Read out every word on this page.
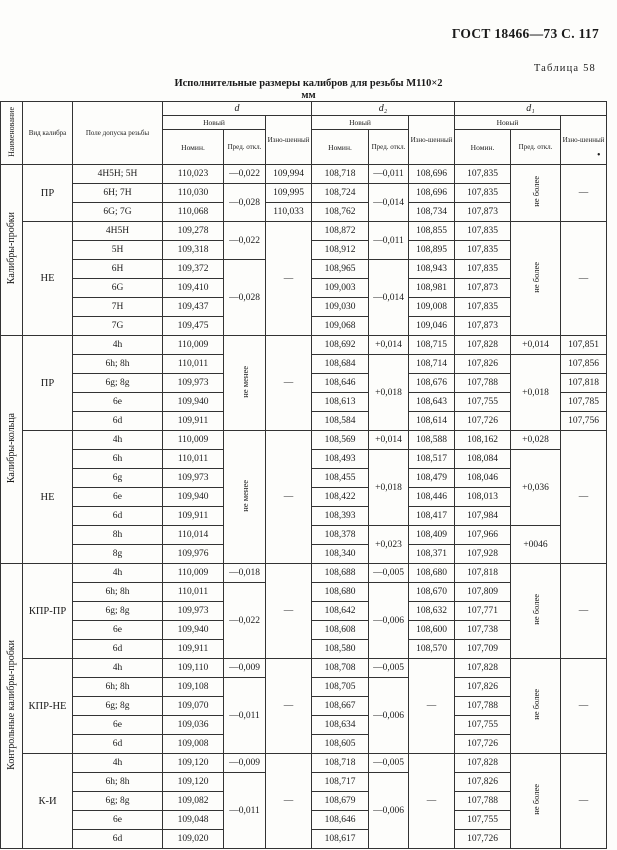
ГОСТ 18466—73 С. 117
Таблица 58
Исполнительные размеры калибров для резьбы М110×2
мм
•
Наименование	Вид калибра	Поле допуска резьбы	d			d₂			d₁		
			Новый		Изно-шенный	Новый		Изно-шенный	Новый		Изно-шенный
			Номин.	Пред. откл.		Номин.	Пред. откл.		Номин.	Пред. откл.	
Калибры-пробки	ПР	4H5H; 5H	110,023	—0,022	109,994	108,718	—0,011	108,696	107,835	не более	—
		6H; 7H	110,030	—0,028	109,995	108,724	—0,014	108,696	107,835		
		6G; 7G	110,068		110,033	108,762		108,734	107,873		
	НЕ	4H5H	109,278	—0,022	—	108,872	—0,011	108,855	107,835	не более	—
		5H	109,318			108,912		108,895	107,835		
		6H	109,372	—0,028		108,965	—0,014	108,943	107,835		
		6G	109,410			109,003		108,981	107,873		
		7H	109,437			109,030		109,008	107,835		
		7G	109,475			109,068		109,046	107,873		
Калибры-кольца	ПР	4h	110,009	не менее	—	108,692	+0,014	108,715	107,828	+0,014	107,851
		6h; 8h	110,011			108,684	+0,018	108,714	107,826	+0,018	107,856
		6g; 8g	109,973			108,646		108,676	107,788		107,818
		6e	109,940			108,613		108,643	107,755		107,785
		6d	109,911			108,584		108,614	107,726		107,756
	НЕ	4h	110,009	не менее	—	108,569	+0,014	108,588	108,162	+0,028	—
		6h	110,011			108,493	+0,018	108,517	108,084	+0,036	
		6g	109,973			108,455		108,479	108,046		
		6e	109,940			108,422		108,446	108,013		
		6d	109,911			108,393		108,417	107,984		
		8h	110,014			108,378	+0,023	108,409	107,966	+0046	
		8g	109,976			108,340		108,371	107,928		
Контрольные калибры-пробки	КПР-ПР	4h	110,009	—0,018	—	108,688	—0,005	108,680	107,818	не более	—
		6h; 8h	110,011	—0,022		108,680	—0,006	108,670	107,809		
		6g; 8g	109,973			108,642		108,632	107,771		
		6e	109,940			108,608		108,600	107,738		
		6d	109,911			108,580		108,570	107,709		
	КПР-НЕ	4h	109,110	—0,009	—	108,708	—0,005	—	107,828	не более	—
		6h; 8h	109,108	—0,011		108,705	—0,006		107,826		
		6g; 8g	109,070			108,667			107,788		
		6e	109,036			108,634			107,755		
		6d	109,008			108,605			107,726		
	К-И	4h	109,120	—0,009	—	108,718	—0,005	—	107,828	не более	—
		6h; 8h	109,120	—0,011		108,717	—0,006		107,826		
		6g; 8g	109,082			108,679			107,788		
		6e	109,048			108,646			107,755		
		6d	109,020			108,617			107,726		
